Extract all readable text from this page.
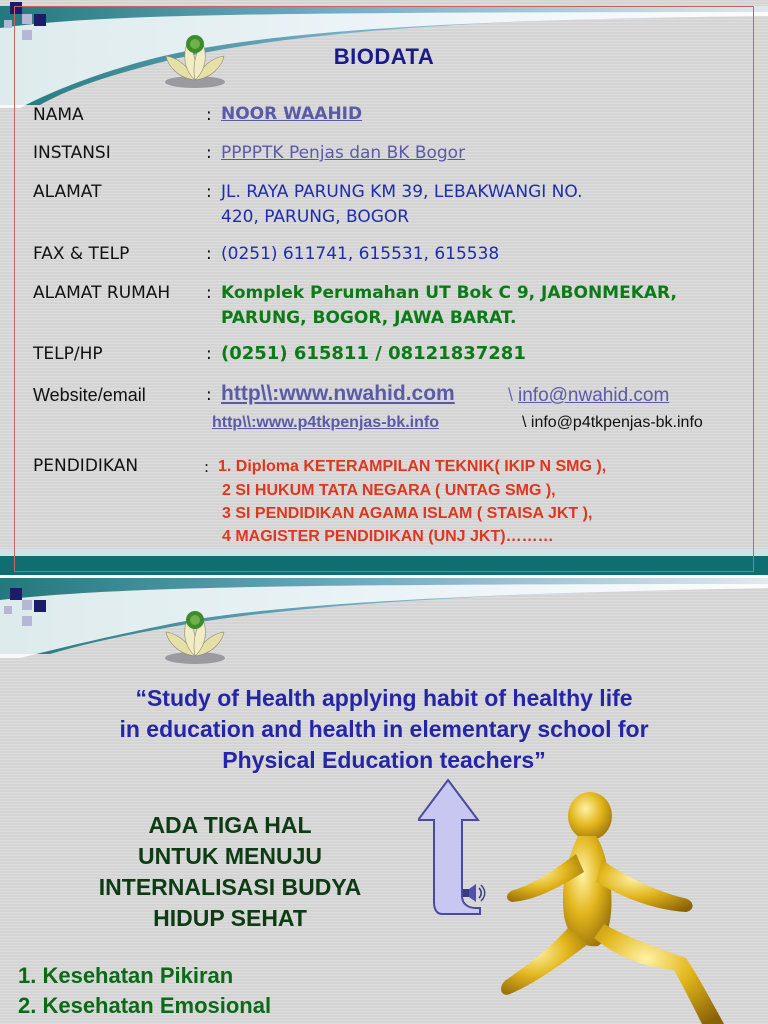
BIODATA
NAMA	: NOOR WAAHID
INSTANSI	: PPPPTK Penjas dan BK Bogor
ALAMAT	: JL. RAYA PARUNG KM 39, LEBAKWANGI NO.
420, PARUNG, BOGOR
FAX & TELP	: (0251) 611741, 615531, 615538
ALAMAT RUMAH : Komplek Perumahan UT Bok C 9, JABONMEKAR,
PARUNG, BOGOR, JAWA BARAT.
TELP/HP	: (0251) 615811 / 08121837281
Website/email	: http\\:www.nwahid.com	\ info@nwahid.com
http\\:www.p4tkpenjas-bk.info	\ info@p4tkpenjas-bk.info
PENDIDIKAN	: 1. Diploma KETERAMPILAN TEKNIK( IKIP N SMG ),
2 SI HUKUM TATA NEGARA ( UNTAG SMG ),
3 SI PENDIDIKAN AGAMA ISLAM ( STAISA JKT ),
4 MAGISTER PENDIDIKAN (UNJ JKT)………
“Study of Health applying habit of healthy life
in education and health in elementary school for
Physical Education teachers”
ADA TIGA HAL
UNTUK MENUJU
INTERNALISASI BUDYA
HIDUP SEHAT
1. Kesehatan Pikiran
2. Kesehatan Emosional
